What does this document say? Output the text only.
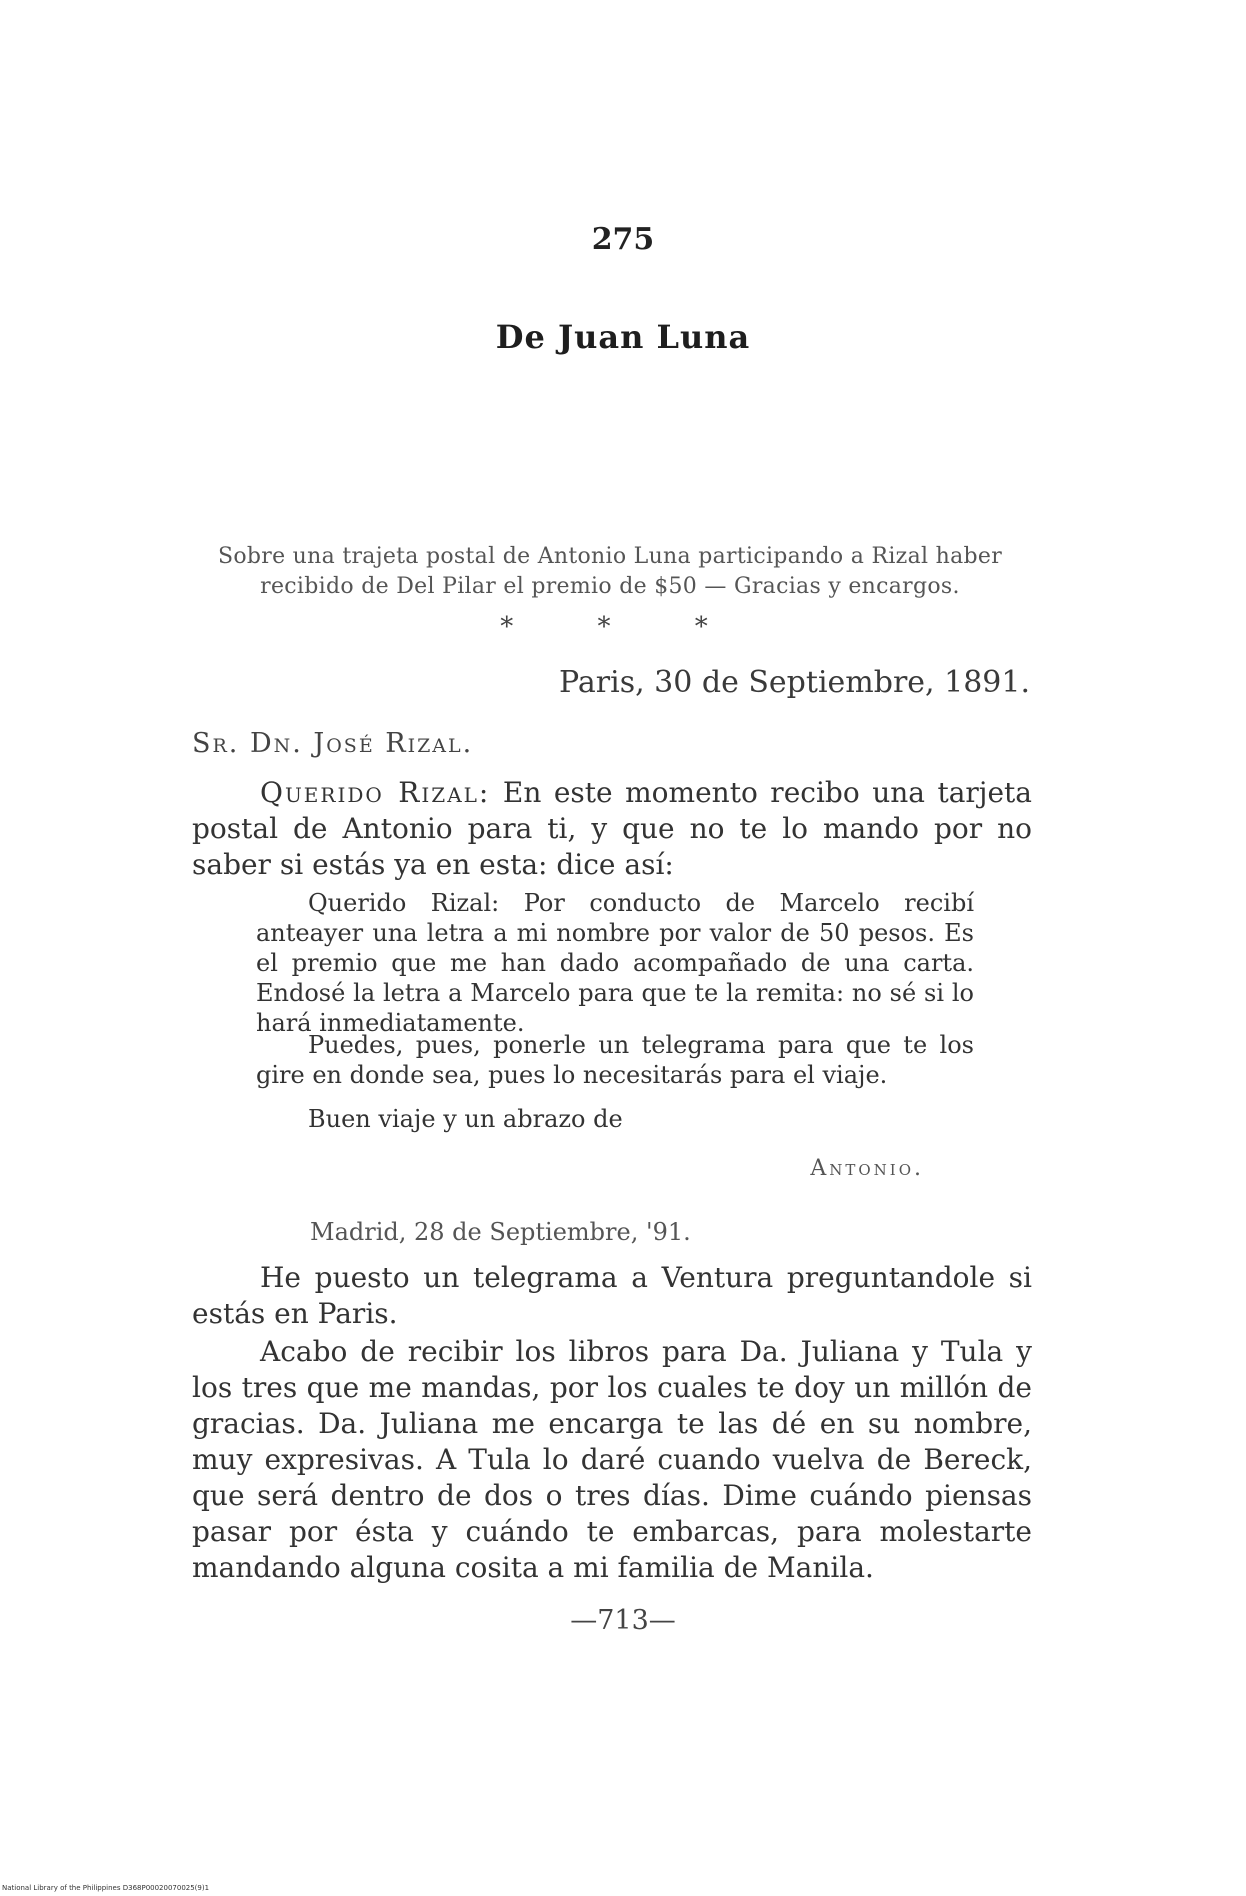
275
De Juan Luna
Sobre una trajeta postal de Antonio Luna participando a Rizal haber recibido de Del Pilar el premio de $50 — Gracias y encargos.
* * *
Paris, 30 de Septiembre, 1891.
Sr. Dn. José Rizal.
Querido Rizal: En este momento recibo una tarjeta postal de Antonio para ti, y que no te lo mando por no saber si estás ya en esta: dice así:
Querido Rizal: Por conducto de Marcelo recibí anteayer una letra a mi nombre por valor de 50 pesos. Es el premio que me han dado acompañado de una carta. Endosé la letra a Marcelo para que te la remita: no sé si lo hará inmediatamente.
Puedes, pues, ponerle un telegrama para que te los gire en donde sea, pues lo necesitarás para el viaje.
Buen viaje y un abrazo de
Antonio.
Madrid, 28 de Septiembre, '91.
He puesto un telegrama a Ventura preguntandole si estás en Paris.
Acabo de recibir los libros para Da. Juliana y Tula y los tres que me mandas, por los cuales te doy un millón de gracias. Da. Juliana me encarga te las dé en su nombre, muy expresivas. A Tula lo daré cuando vuelva de Bereck, que será dentro de dos o tres días. Dime cuándo piensas pasar por ésta y cuándo te embarcas, para molestarte mandando alguna cosita a mi familia de Manila.
—713—
National Library of the Philippines D368P00020070025(9)1
